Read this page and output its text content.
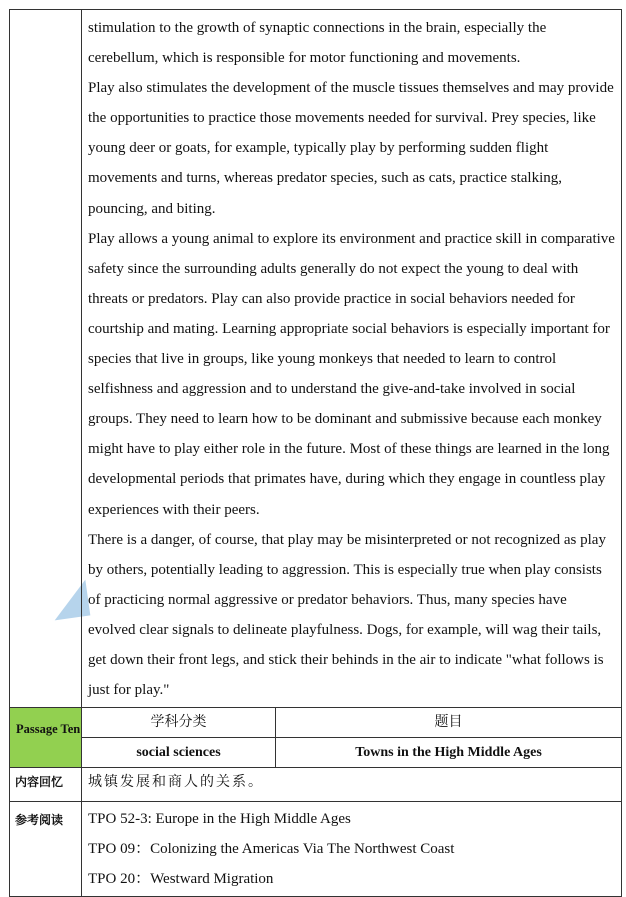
	stimulation to the growth of synaptic connections in the brain, especially the cerebellum, which is responsible for motor functioning and movements.

Play also stimulates the development of the muscle tissues themselves and may provide the opportunities to practice those movements needed for survival. Prey species, like young deer or goats, for example, typically play by performing sudden flight movements and turns, whereas predator species, such as cats, practice stalking, pouncing, and biting.

Play allows a young animal to explore its environment and practice skill in comparative safety since the surrounding adults generally do not expect the young to deal with threats or predators. Play can also provide practice in social behaviors needed for courtship and mating. Learning appropriate social behaviors is especially important for species that live in groups, like young monkeys that needed to learn to control selfishness and aggression and to understand the give-and-take involved in social groups. They need to learn how to be dominant and submissive because each monkey might have to play either role in the future. Most of these things are learned in the long developmental periods that primates have, during which they engage in countless play experiences with their peers.

There is a danger, of course, that play may be misinterpreted or not recognized as play by others, potentially leading to aggression. This is especially true when play consists of practicing normal aggressive or predator behaviors. Thus, many species have evolved clear signals to delineate playfulness. Dogs, for example, will wag their tails, get down their front legs, and stick their behinds in the air to indicate "what follows is just for play."	

Passage Ten	学科分类	题目
	social sciences	Towns in the High Middle Ages
内容回忆	城镇发展和商人的关系。	
参考阅读	TPO 52-3: Europe in the High Middle Ages
TPO 09：Colonizing the Americas Via The Northwest Coast
TPO 20：Westward Migration	
